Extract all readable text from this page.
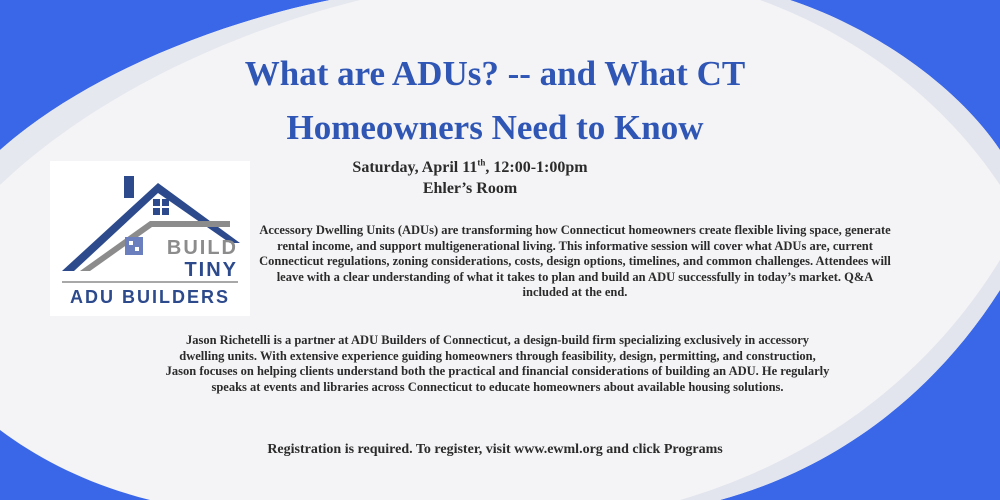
What are ADUs? -- and What CT
Homeowners Need to Know
Saturday, April 11th, 12:00-1:00pm
Ehler’s Room
BUILD
TINY
ADU BUILDERS

Accessory Dwelling Units (ADUs) are transforming how Connecticut homeowners create flexible living space, generate rental income, and support multigenerational living. This informative session will cover what ADUs are, current Connecticut regulations, zoning considerations, costs, design options, timelines, and common challenges. Attendees will leave with a clear understanding of what it takes to plan and build an ADU successfully in today’s market. Q&A included at the end.

Jason Richetelli is a partner at ADU Builders of Connecticut, a design-build firm specializing exclusively in accessory dwelling units. With extensive experience guiding homeowners through feasibility, design, permitting, and construction, Jason focuses on helping clients understand both the practical and financial considerations of building an ADU. He regularly speaks at events and libraries across Connecticut to educate homeowners about available housing solutions.

Registration is required. To register, visit www.ewml.org and click Programs
